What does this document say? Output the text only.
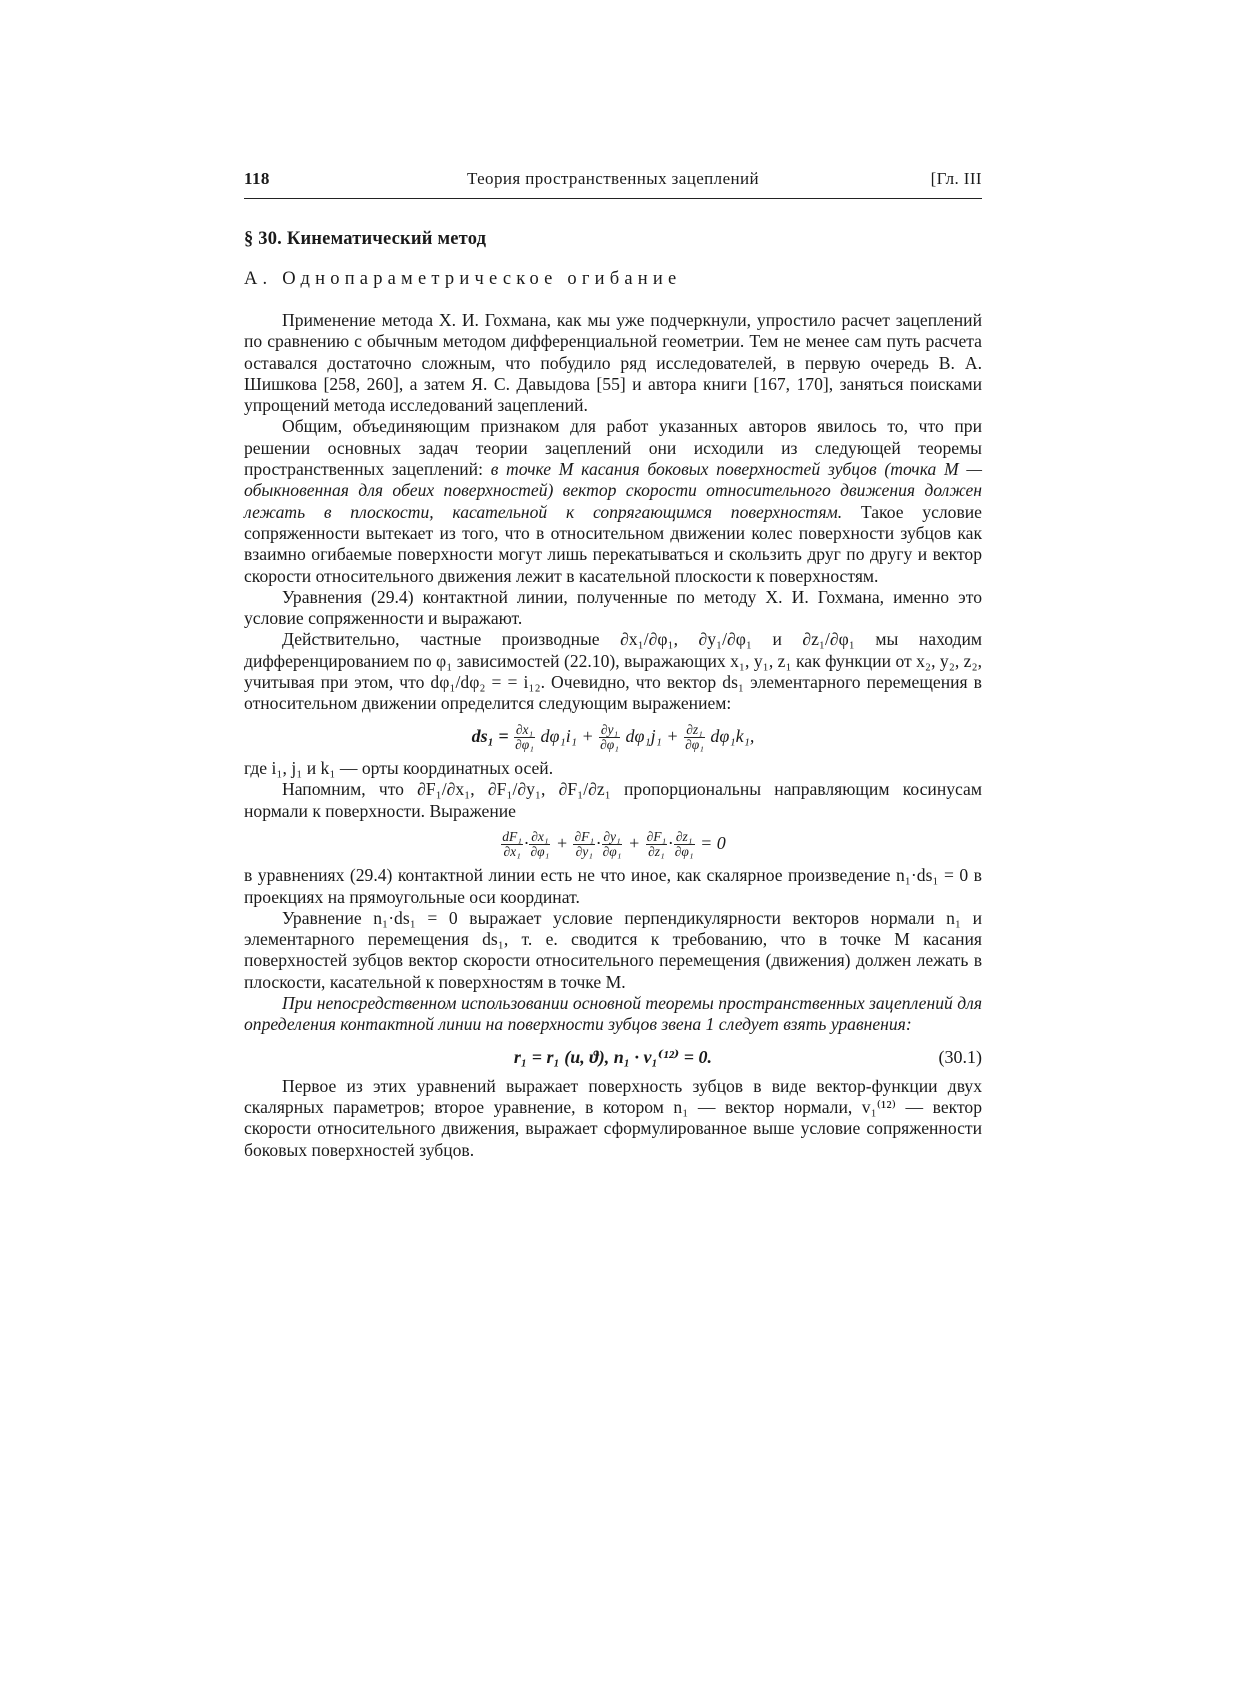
118	Теория пространственных зацеплений	[Гл. III
§ 30. Кинематический метод
А. Однопараметрическое огибание

Применение метода Х. И. Гохмана, как мы уже подчеркнули, упростило расчет зацеплений по сравнению с обычным методом дифференциальной геометрии. Тем не менее сам путь расчета оставался достаточно сложным, что побудило ряд исследователей, в первую очередь В. А. Шишкова [258, 260], а затем Я. С. Давыдова [55] и автора книги [167, 170], заняться поисками упрощений метода исследований зацеплений.

Общим, объединяющим признаком для работ указанных авторов явилось то, что при решении основных задач теории зацеплений они исходили из следующей теоремы пространственных зацеплений: в точке M касания боковых поверхностей зубцов (точка M — обыкновенная для обеих поверхностей) вектор скорости относительного движения должен лежать в плоскости, касательной к сопрягающимся поверхностям. Такое условие сопряженности вытекает из того, что в относительном движении колес поверхности зубцов как взаимно огибаемые поверхности могут лишь перекатываться и скользить друг по другу и вектор скорости относительного движения лежит в касательной плоскости к поверхностям.

Уравнения (29.4) контактной линии, полученные по методу Х. И. Гохмана, именно это условие сопряженности и выражают.

Действительно, частные производные ∂x₁/∂φ₁, ∂y₁/∂φ₁ и ∂z₁/∂φ₁ мы находим дифференцированием по φ₁ зависимостей (22.10), выражающих x₁, y₁, z₁ как функции от x₂, y₂, z₂, учитывая при этом, что dφ₁/dφ₂ = = i₁₂. Очевидно, что вектор ds₁ элементарного перемещения в относительном движении определится следующим выражением:

$ds_1 = \frac{\text{∂x₁}}{\text{∂φ₁}} d\varphi_1i_1 + \frac{\text{∂y₁}}{\text{∂φ₁}} d\varphi_1j_1 + \frac{\text{∂z₁}}{\text{∂φ₁}} d\varphi_1k_1$,

где i₁, j₁ и k₁ — орты координатных осей.

Напомним, что ∂F₁/∂x₁, ∂F₁/∂y₁, ∂F₁/∂z₁ пропорциональны направляющим косинусам нормали к поверхности. Выражение

$\frac{\text{dF₁}}{\text{∂x₁}} \cdot \frac{\text{∂x₁}}{\text{∂φ₁}} + \frac{\text{∂F₁}}{\text{∂y₁}} \cdot \frac{\text{∂y₁}}{\text{∂φ₁}} + \frac{\text{∂F₁}}{\text{∂z₁}} \cdot \frac{\text{∂z₁}}{\text{∂φ₁}} = 0$

в уравнениях (29.4) контактной линии есть не что иное, как скалярное произведение n₁·ds₁ = 0 в проекциях на прямоугольные оси координат.

Уравнение n₁·ds₁ = 0 выражает условие перпендикулярности векторов нормали n₁ и элементарного перемещения ds₁, т. е. сводится к требованию, что в точке M касания поверхностей зубцов вектор скорости относительного перемещения (движения) должен лежать в плоскости, касательной к поверхностям в точке M.

При непосредственном использовании основной теоремы пространственных зацеплений для определения контактной линии на поверхности зубцов звена 1 следует взять уравнения:

r₁ = r₁ (u, ϑ), n₁ · v₁⁽¹²⁾ = 0.	(30.1)

Первое из этих уравнений выражает поверхность зубцов в виде вектор-функции двух скалярных параметров; второе уравнение, в котором n₁ — вектор нормали, v₁⁽¹²⁾ — вектор скорости относительного движения, выражает сформулированное выше условие сопряженности боковых поверхностей зубцов.
